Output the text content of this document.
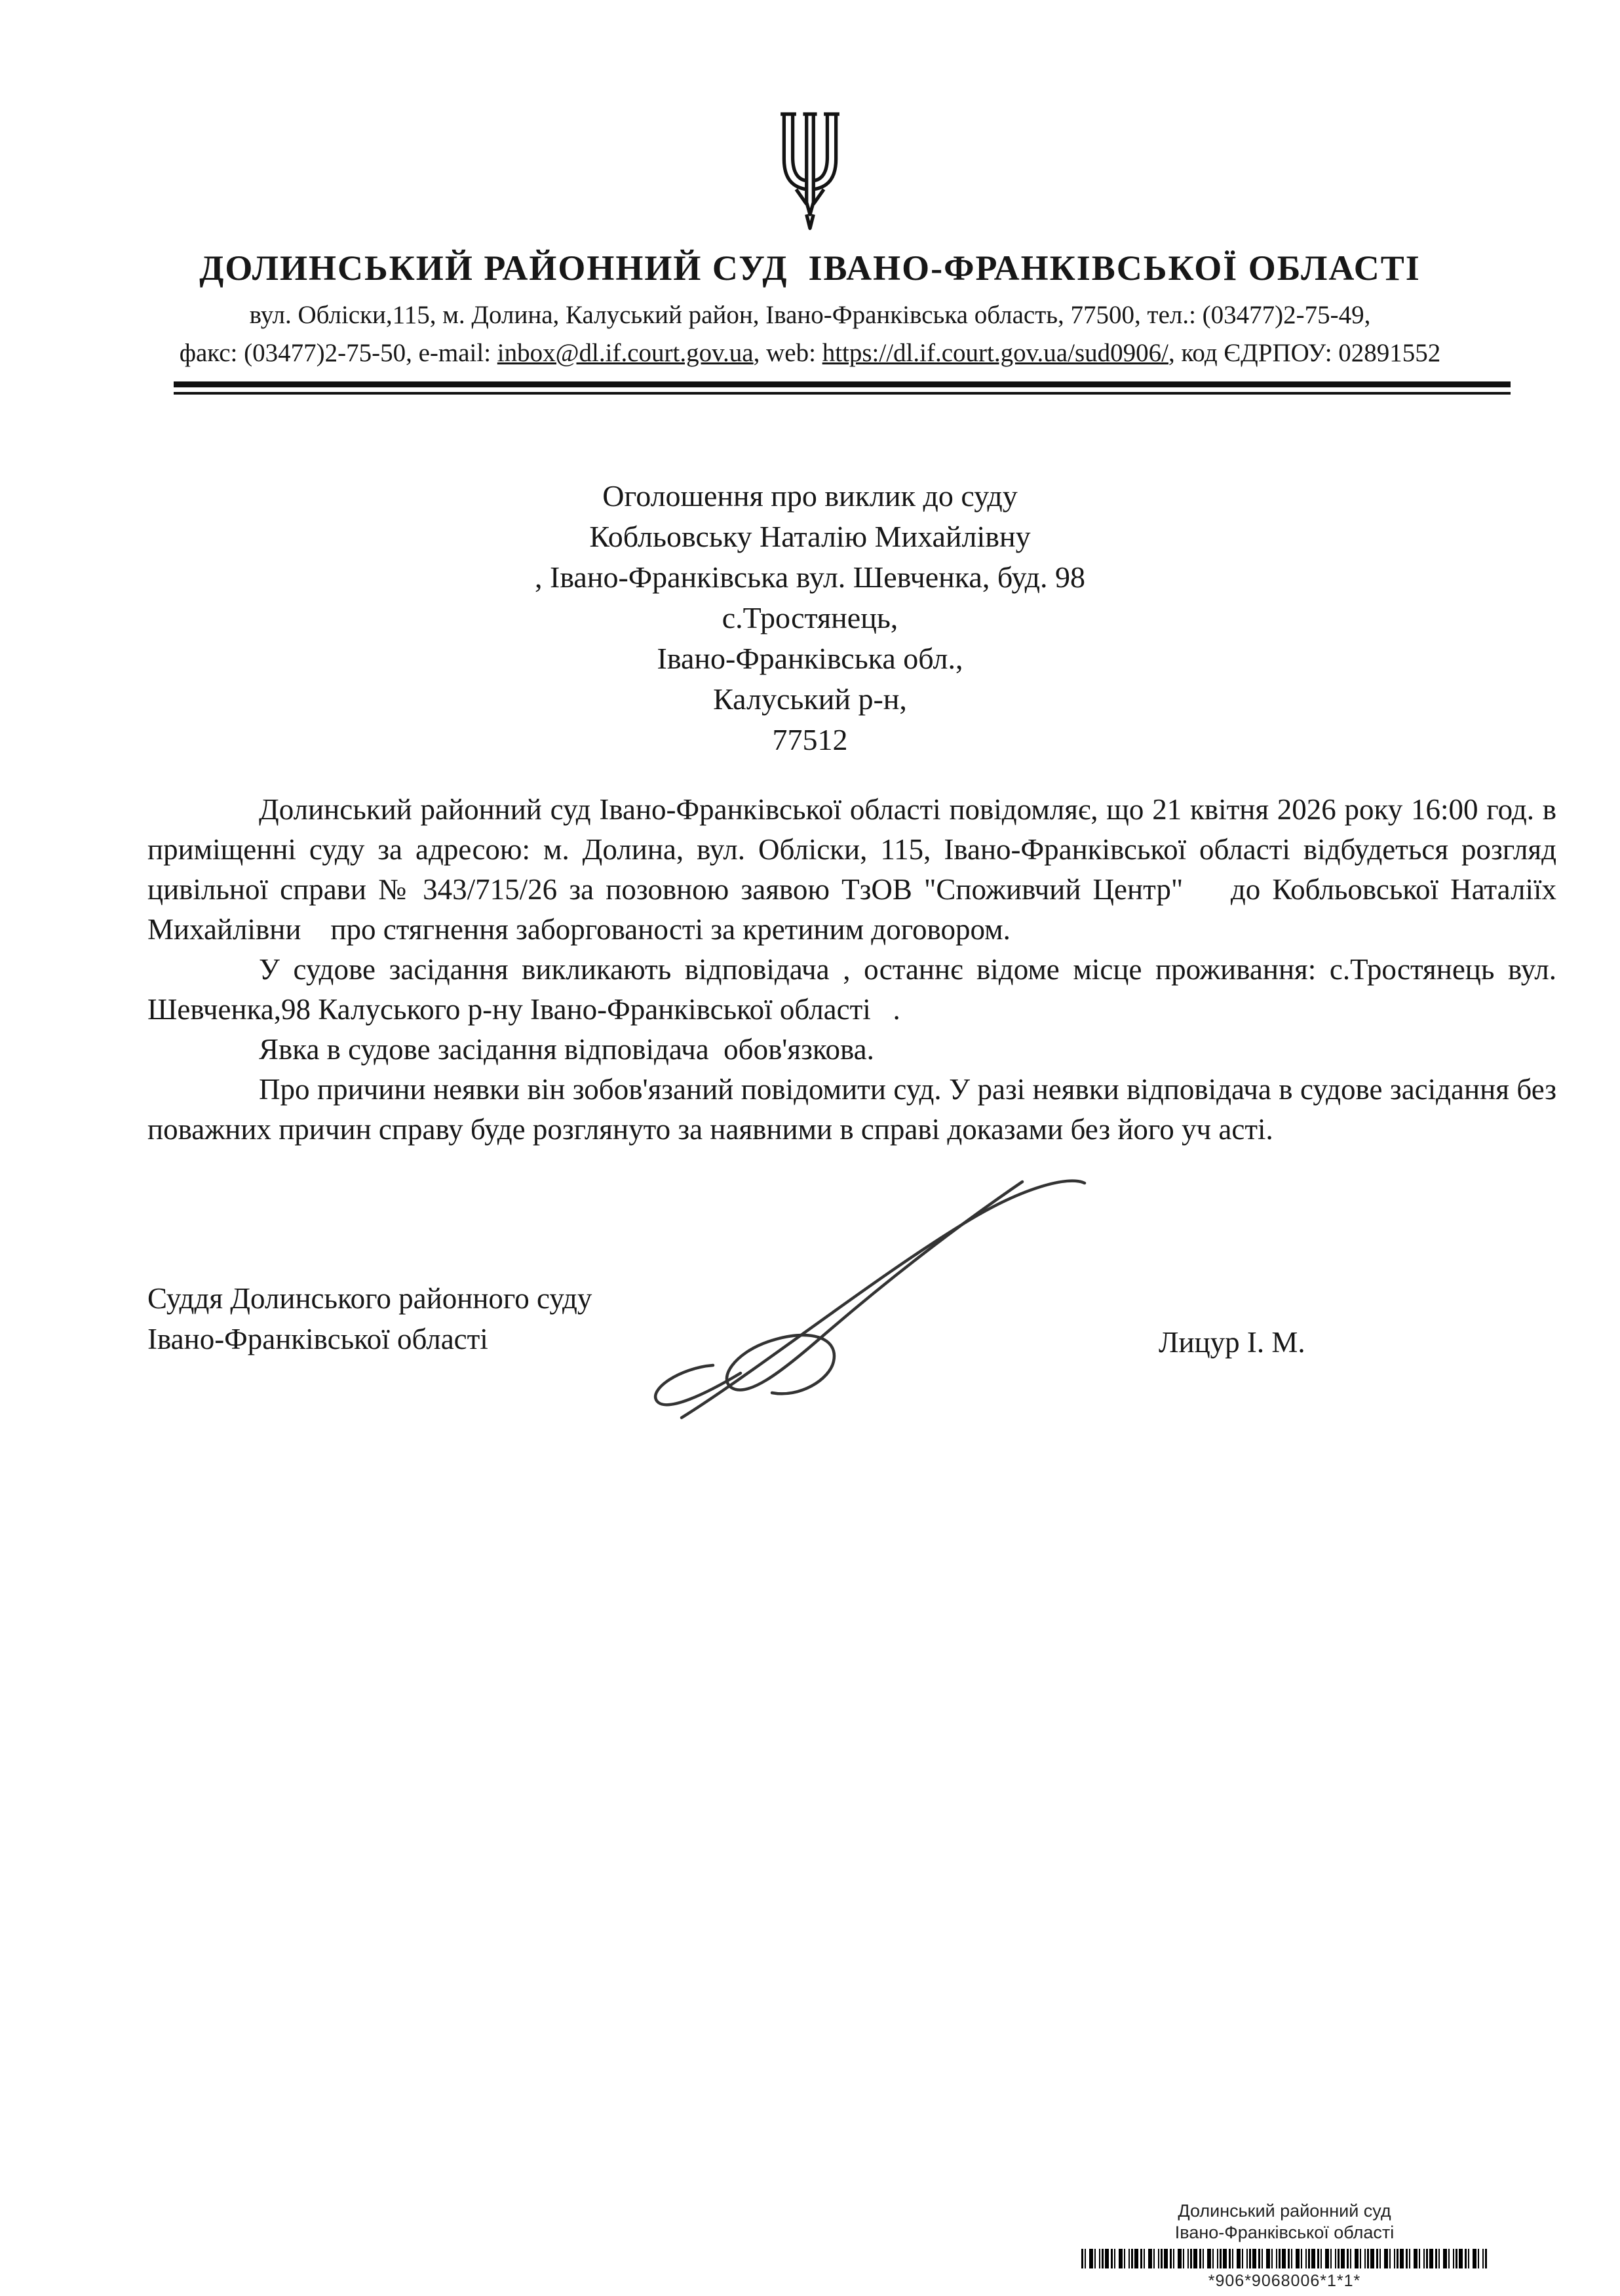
ДОЛИНСЬКИЙ РАЙОННИЙ СУД  ІВАНО-ФРАНКІВСЬКОЇ ОБЛАСТІ
вул. Обліски,115, м. Долина, Калуський район, Івано-Франківська область, 77500, тел.: (03477)2-75-49,
факс: (03477)2-75-50, e-mail: inbox@dl.if.court.gov.ua, web: https://dl.if.court.gov.ua/sud0906/, код ЄДРПОУ: 02891552
Оголошення про виклик до суду
Кобльовську Наталію Михайлівну
, Івано-Франківська вул. Шевченка, буд. 98
с.Тростянець,
Івано-Франківська обл.,
Калуський р-н,
77512

Долинський районний суд Івано-Франківської області повідомляє, що 21 квітня 2026 року 16:00 год. в приміщенні суду за адресою: м. Долина, вул. Обліски, 115, Івано-Франківської області відбудеться розгляд цивільної справи № 343/715/26 за позовною заявою ТзОВ "Споживчий Центр"    до Кобльовської Наталіїх Михайлівни    про стягнення заборгованості за кретиним договором.

У судове засідання викликають відповідача , останнє відоме місце проживання: с.Тростянець вул. Шевченка,98 Калуського р-ну Івано-Франківської області   .

Явка в судове засідання відповідача  обов'язкова.

Про причини неявки він зобов'язаний повідомити суд. У разі неявки відповідача в судове засідання без поважних причин справу буде розглянуто за наявними в справі доказами без його уч асті.

Суддя Долинського районного суду
Івано-Франківської області	Лицур І. М.
Долинський районний суд
Івано-Франківської області
*906*9068006*1*1*
